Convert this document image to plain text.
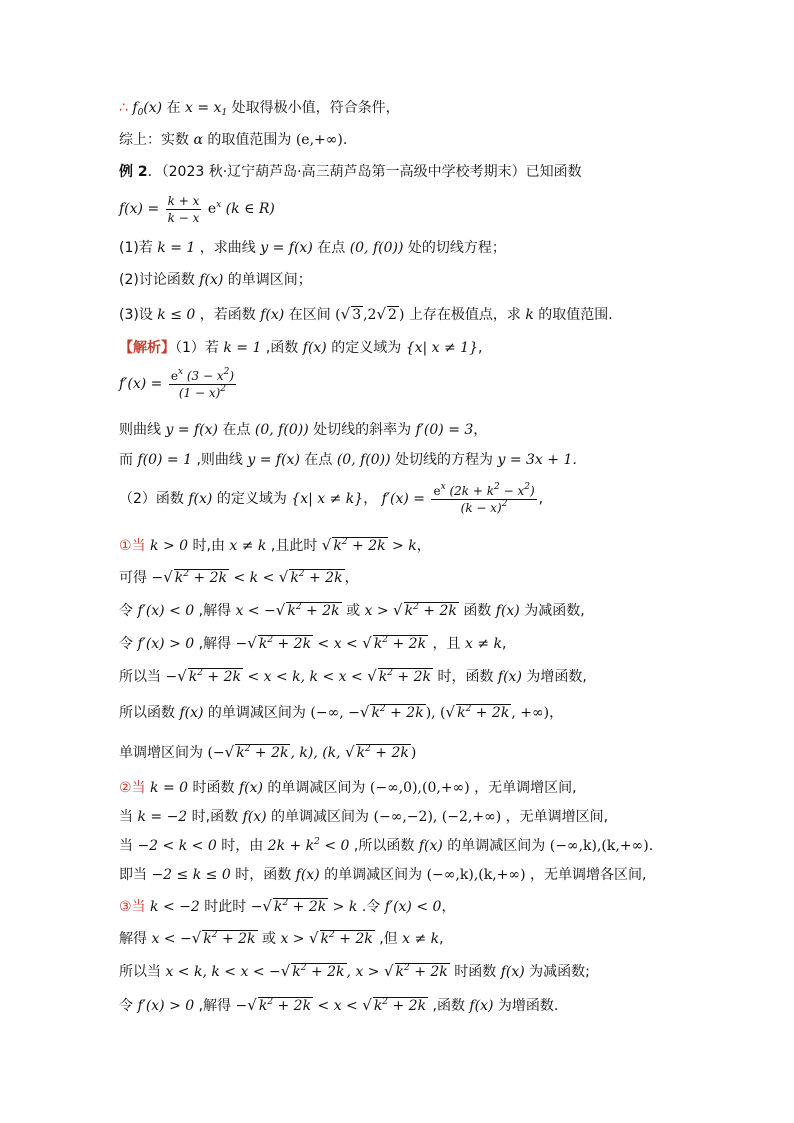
∴ $f_0(x)$ 在 $x = x_1$ 处取得极小值，符合条件，
综上：实数 α 的取值范围为 (e,+∞).
例 2．（2023 秋·辽宁葫芦岛·高三葫芦岛第一高级中学校考期末）已知函数
$f(x) = \frac{k + x}{k - x} e^x$ (k ∈ R)
(1)若 k = 1 ，求曲线 y = f(x) 在点 (0, f(0)) 处的切线方程；
(2)讨论函数 f(x) 的单调区间；
(3)设 k ≤ 0 ，若函数 f(x) 在区间 (√ 3 ,2√ 2 ) 上存在极值点，求 k 的取值范围.
【解析】（1）若 k = 1 ,函数 f(x) 的定义域为 {x| x ≠ 1},
$f'(x) = \frac{e^x (3 - x^2)}{(1 - x)^2}$
则曲线 y = f(x) 在点 (0, f(0)) 处切线的斜率为 f′(0) = 3，
而 f(0) = 1 ,则曲线 y = f(x) 在点 (0, f(0)) 处切线的方程为 y = 3x + 1.
（2）函数 f(x) 的定义域为 {x| x ≠ k}， $f'(x) = \frac{e^x (2k + k^2 - x^2)}{(k - x)^2}$ ,
①当 k > 0 时,由 x ≠ k ,且此时 √ $k^2 + 2k > k$，
可得 −√ $k^2 + 2k < k$ < √ $k^2 + 2k$ ，
令 f′(x) < 0 ,解得 x < −√ $k^2 + 2k$ 或 x > √ $k^2 + 2k$ 函数 f(x) 为减函数,
令 f′(x) > 0 ,解得 −√ $k^2 + 2k < x$ < √ $k^2 + 2k$ ，且 x ≠ k,
所以当 −√ $k^2 + 2k < x < k$, k < x < √ $k^2 + 2k$ 时，函数 f(x) 为增函数,
所以函数 f(x) 的单调减区间为 (−∞, −√ $k^2 + 2k$ ), (√ $k^2 + 2k$ , +∞)，
单调增区间为 (−√ $k^2 + 2k$ , k), (k, √ $k^2 + 2k$ )
②当 k = 0 时函数 f(x) 的单调减区间为 (−∞,0),(0,+∞) ，无单调增区间,
当 k = −2 时,函数 f(x) 的单调减区间为 (−∞,−2), (−2,+∞) ，无单调增区间,
当 −2 < k < 0 时，由 $2k + k^2 < 0$ ,所以函数 f(x) 的单调减区间为 (−∞,k),(k,+∞).
即当 −2 ≤ k ≤ 0 时，函数 f(x) 的单调减区间为 (−∞,k),(k,+∞) ，无单调增各区间,
③当 k < −2 时此时 −√ $k^2 + 2k > k$ .令 f′(x) < 0，
解得 x < −√ $k^2 + 2k$ 或 x > √ $k^2 + 2k$ ,但 x ≠ k,
所以当 x < k, k < x < −√ $k^2 + 2k$ , x > √ $k^2 + 2k$ 时函数 f(x) 为减函数;
令 f′(x) > 0 ,解得 −√ $k^2 + 2k < x$ < √ $k^2 + 2k$ ,函数 f(x) 为增函数.
